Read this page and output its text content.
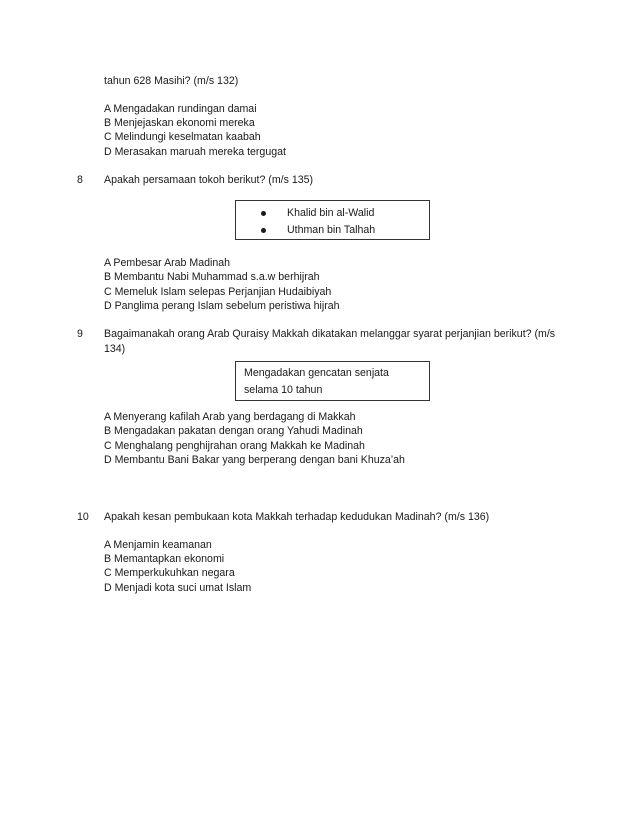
tahun 628 Masihi? (m/s 132)
A Mengadakan rundingan damai
B Menjejaskan ekonomi mereka
C Melindungi keselmatan kaabah
D Merasakan maruah mereka tergugat
8 Apakah persamaan tokoh berikut? (m/s 135)
Khalid bin al-Walid
Uthman bin Talhah
A Pembesar Arab Madinah
B Membantu Nabi Muhammad s.a.w berhijrah
C Memeluk Islam selepas Perjanjian Hudaibiyah
D Panglima perang Islam sebelum peristiwa hijrah
9 Bagaimanakah orang Arab Quraisy Makkah dikatakan melanggar syarat perjanjian berikut? (m/s
134)
Mengadakan gencatan senjata
selama 10 tahun
A Menyerang kafilah Arab yang berdagang di Makkah
B Mengadakan pakatan dengan orang Yahudi Madinah
C Menghalang penghijrahan orang Makkah ke Madinah
D Membantu Bani Bakar yang berperang dengan bani Khuza’ah
10 Apakah kesan pembukaan kota Makkah terhadap kedudukan Madinah? (m/s 136)
A Menjamin keamanan
B Memantapkan ekonomi
C Memperkukuhkan negara
D Menjadi kota suci umat Islam
